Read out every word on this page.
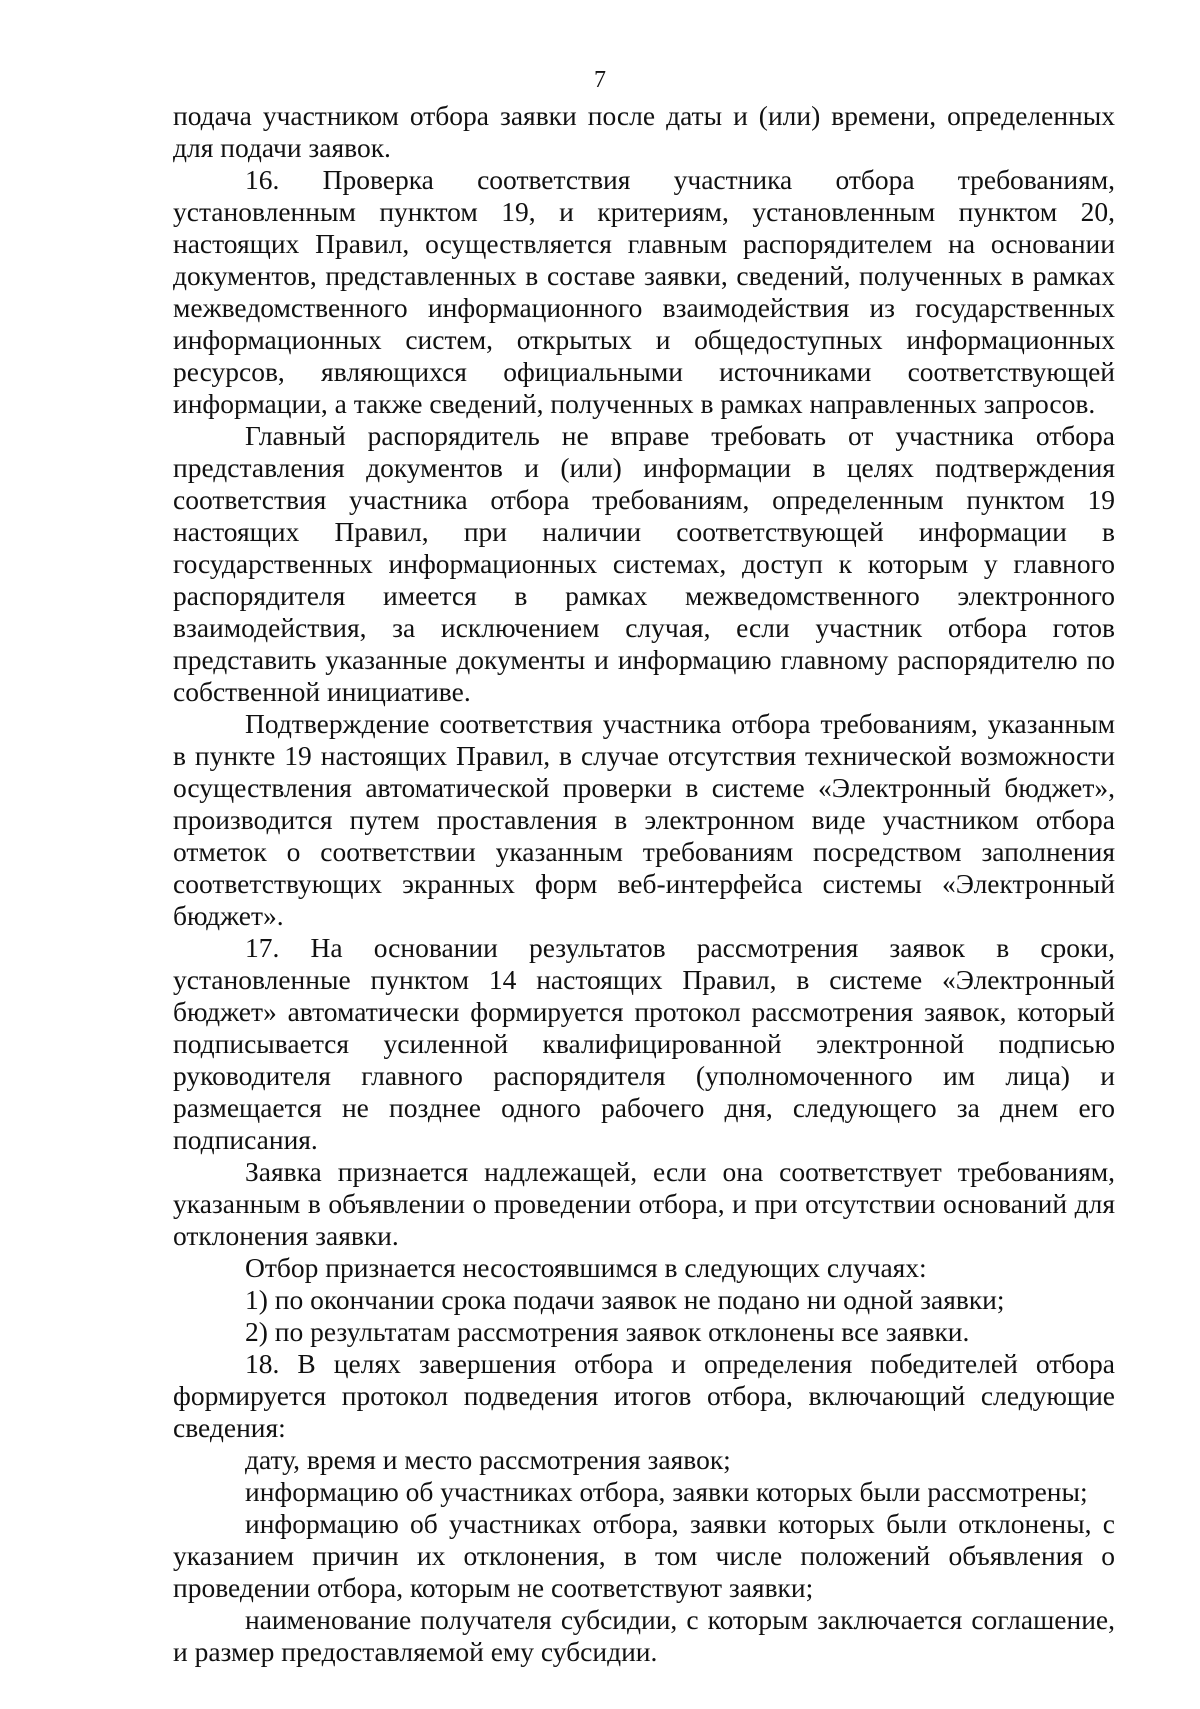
7

подача участником отбора заявки после даты и (или) времени, определенных для подачи заявок.

16. Проверка соответствия участника отбора требованиям, установленным пунктом 19, и критериям, установленным пунктом 20, настоящих Правил, осуществляется главным распорядителем на основании документов, представленных в составе заявки, сведений, полученных в рамках межведомственного информационного взаимодействия из государственных информационных систем, открытых и общедоступных информационных ресурсов, являющихся официальными источниками соответствующей информации, а также сведений, полученных в рамках направленных запросов.

Главный распорядитель не вправе требовать от участника отбора представления документов и (или) информации в целях подтверждения соответствия участника отбора требованиям, определенным пунктом 19 настоящих Правил, при наличии соответствующей информации в государственных информационных системах, доступ к которым у главного распорядителя имеется в рамках межведомственного электронного взаимодействия, за исключением случая, если участник отбора готов представить указанные документы и информацию главному распорядителю по собственной инициативе.

Подтверждение соответствия участника отбора требованиям, указанным в пункте 19 настоящих Правил, в случае отсутствия технической возможности осуществления автоматической проверки в системе «Электронный бюджет», производится путем проставления в электронном виде участником отбора отметок о соответствии указанным требованиям посредством заполнения соответствующих экранных форм веб-интерфейса системы «Электронный бюджет».

17. На основании результатов рассмотрения заявок в сроки, установленные пунктом 14 настоящих Правил, в системе «Электронный бюджет» автоматически формируется протокол рассмотрения заявок, который подписывается усиленной квалифицированной электронной подписью руководителя главного распорядителя (уполномоченного им лица) и размещается не позднее одного рабочего дня, следующего за днем его подписания.

Заявка признается надлежащей, если она соответствует требованиям, указанным в объявлении о проведении отбора, и при отсутствии оснований для отклонения заявки.

Отбор признается несостоявшимся в следующих случаях:

1) по окончании срока подачи заявок не подано ни одной заявки;

2) по результатам рассмотрения заявок отклонены все заявки.

18. В целях завершения отбора и определения победителей отбора формируется протокол подведения итогов отбора, включающий следующие сведения:

дату, время и место рассмотрения заявок;

информацию об участниках отбора, заявки которых были рассмотрены;

информацию об участниках отбора, заявки которых были отклонены, с указанием причин их отклонения, в том числе положений объявления о проведении отбора, которым не соответствуют заявки;

наименование получателя субсидии, с которым заключается соглашение, и размер предоставляемой ему субсидии.
